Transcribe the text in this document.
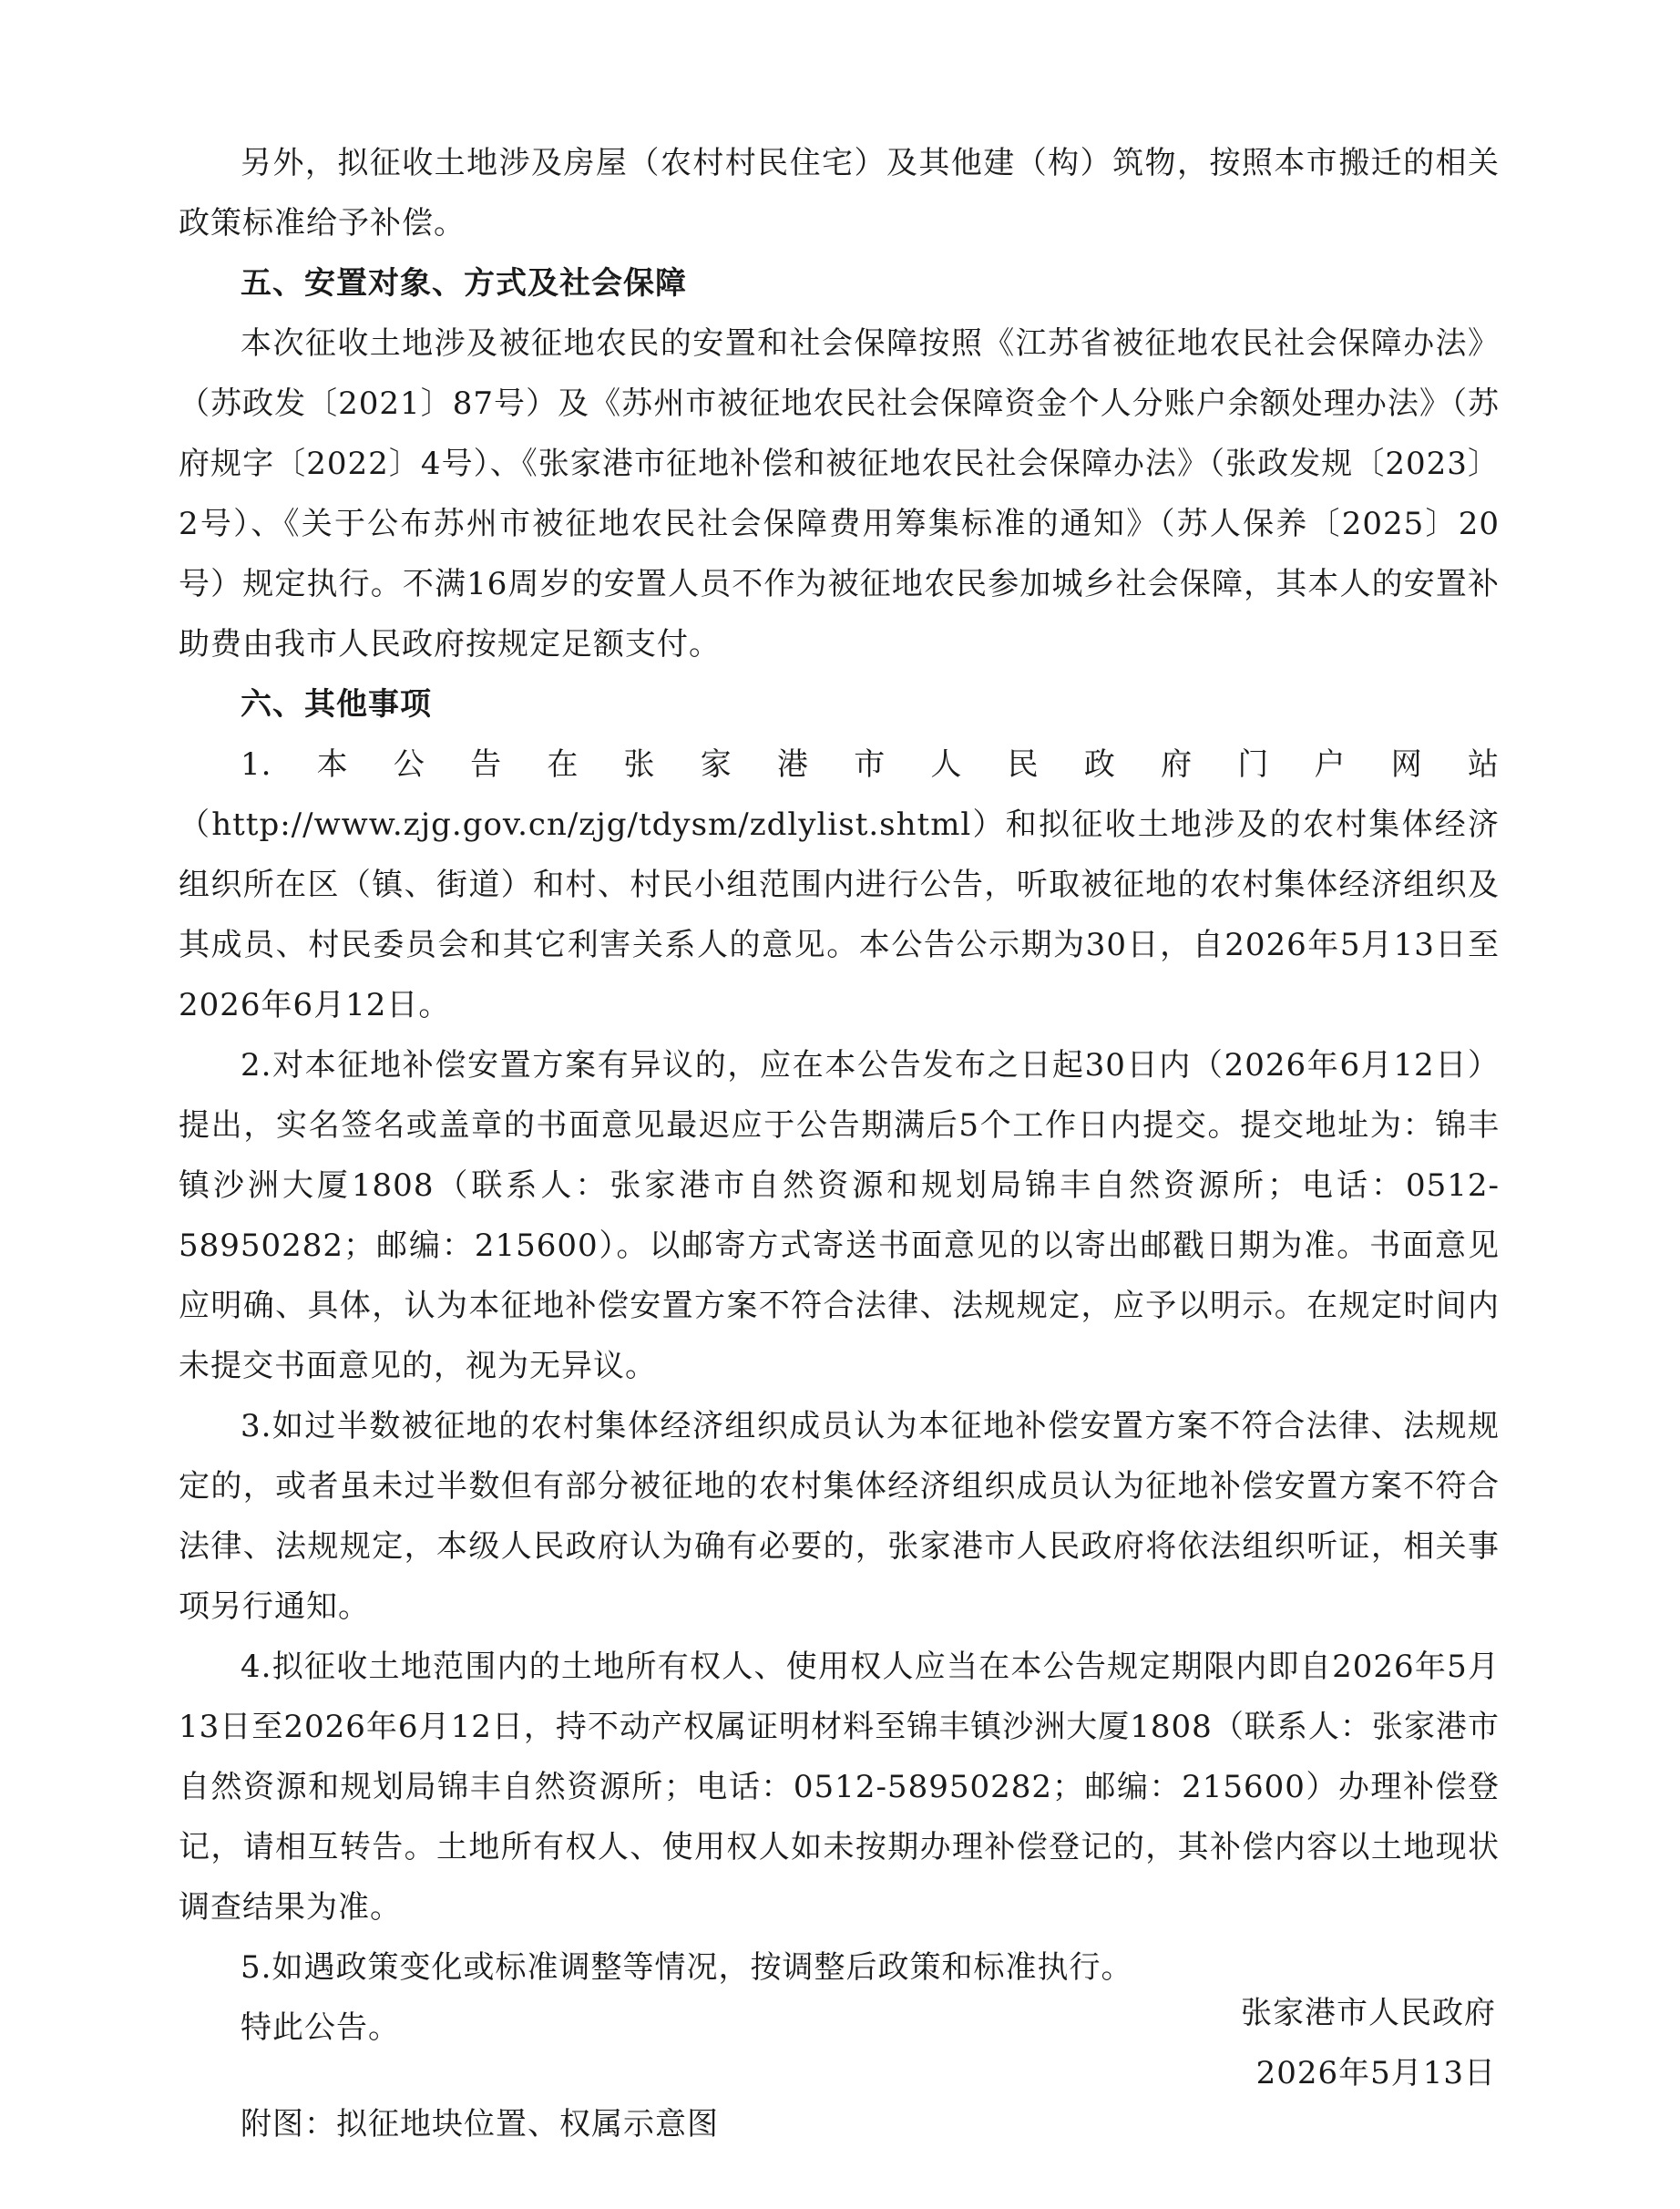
另外，拟征收土地涉及房屋（农村村民住宅）及其他建（构）筑物，按照本市搬迁的相关政策标准给予补偿。

五、安置对象、方式及社会保障

本次征收土地涉及被征地农民的安置和社会保障按照《江苏省被征地农民社会保障办法》（苏政发〔2021〕87号）及《苏州市被征地农民社会保障资金个人分账户余额处理办法》（苏府规字〔2022〕4号）、《张家港市征地补偿和被征地农民社会保障办法》（张政发规〔2023〕2号）、《关于公布苏州市被征地农民社会保障费用筹集标准的通知》（苏人保养〔2025〕20号）规定执行。不满16周岁的安置人员不作为被征地农民参加城乡社会保障，其本人的安置补助费由我市人民政府按规定足额支付。

六、其他事项

1.本公告在张家港市人民政府门户网站（http://www.zjg.gov.cn/zjg/tdysm/zdlylist.shtml）和拟征收土地涉及的农村集体经济组织所在区（镇、街道）和村、村民小组范围内进行公告，听取被征地的农村集体经济组织及其成员、村民委员会和其它利害关系人的意见。本公告公示期为30日，自2026年5月13日至2026年6月12日。

2.对本征地补偿安置方案有异议的，应在本公告发布之日起30日内（2026年6月12日）提出，实名签名或盖章的书面意见最迟应于公告期满后5个工作日内提交。提交地址为：锦丰镇沙洲大厦1808（联系人：张家港市自然资源和规划局锦丰自然资源所；电话：0512-58950282；邮编：215600）。以邮寄方式寄送书面意见的以寄出邮戳日期为准。书面意见应明确、具体，认为本征地补偿安置方案不符合法律、法规规定，应予以明示。在规定时间内未提交书面意见的，视为无异议。

3.如过半数被征地的农村集体经济组织成员认为本征地补偿安置方案不符合法律、法规规定的，或者虽未过半数但有部分被征地的农村集体经济组织成员认为征地补偿安置方案不符合法律、法规规定，本级人民政府认为确有必要的，张家港市人民政府将依法组织听证，相关事项另行通知。

4.拟征收土地范围内的土地所有权人、使用权人应当在本公告规定期限内即自2026年5月13日至2026年6月12日，持不动产权属证明材料至锦丰镇沙洲大厦1808（联系人：张家港市自然资源和规划局锦丰自然资源所；电话：0512-58950282；邮编：215600）办理补偿登记，请相互转告。土地所有权人、使用权人如未按期办理补偿登记的，其补偿内容以土地现状调查结果为准。

5.如遇政策变化或标准调整等情况，按调整后政策和标准执行。

特此公告。

附图：拟征地块位置、权属示意图

张家港市人民政府
2026年5月13日
